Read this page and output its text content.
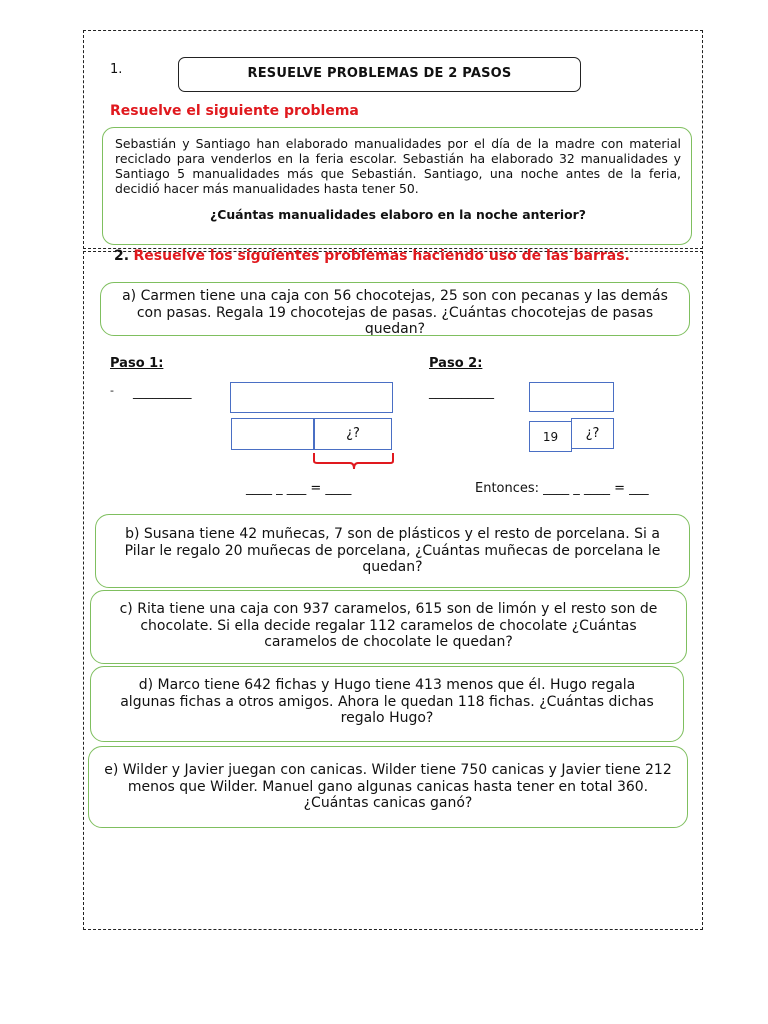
1.	RESUELVE PROBLEMAS DE 2 PASOS
Resuelve el siguiente problema
Sebastián y Santiago han elaborado manualidades por el día de la madre con material reciclado para venderlos en la feria escolar. Sebastián ha elaborado 32 manualidades y Santiago 5 manualidades más que Sebastián. Santiago, una noche antes de la feria, decidió hacer más manualidades hasta tener 50.
¿Cuántas manualidades elaboro en la noche anterior?
2. Resuelve los siguientes problemas haciendo uso de las barras.
a) Carmen tiene una caja con 56 chocotejas, 25 son con pecanas y las demás con pasas. Regala 19 chocotejas de pasas. ¿Cuántas chocotejas de pasas quedan?
Paso 1:
- _________
¿?
____ _ ___ = ____
Paso 2:
__________
19	¿?
Entonces: ____ _ ____ = ___
b) Susana tiene 42 muñecas, 7 son de plásticos y el resto de porcelana. Si a Pilar le regalo 20 muñecas de porcelana, ¿Cuántas muñecas de porcelana le quedan?
c) Rita tiene una caja con 937 caramelos, 615 son de limón y el resto son de chocolate. Si ella decide regalar 112 caramelos de chocolate ¿Cuántas caramelos de chocolate le quedan?
d) Marco tiene 642 fichas y Hugo tiene 413 menos que él. Hugo regala algunas fichas a otros amigos. Ahora le quedan 118 fichas. ¿Cuántas dichas regalo Hugo?
e) Wilder y Javier juegan con canicas. Wilder tiene 750 canicas y Javier tiene 212 menos que Wilder. Manuel gano algunas canicas hasta tener en total 360. ¿Cuántas canicas ganó?
